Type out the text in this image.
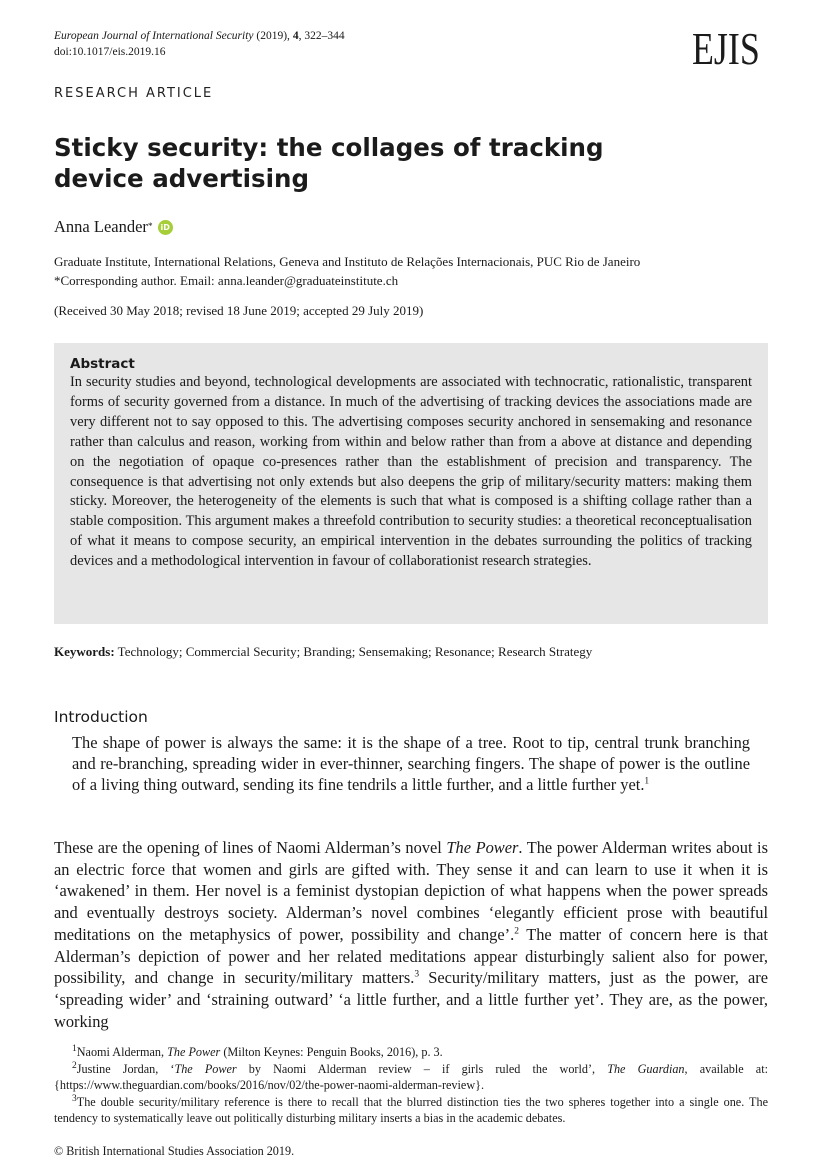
European Journal of International Security (2019), 4, 322–344
doi:10.1017/eis.2019.16	EJIS
RESEARCH ARTICLE
Sticky security: the collages of tracking device advertising
Anna Leander * iD
Graduate Institute, International Relations, Geneva and Instituto de Relações Internacionais, PUC Rio de Janeiro
*Corresponding author. Email: anna.leander@graduateinstitute.ch
(Received 30 May 2018; revised 18 June 2019; accepted 29 July 2019)

Abstract

In security studies and beyond, technological developments are associated with technocratic, rationalistic, transparent forms of security governed from a distance. In much of the advertising of tracking devices the associations made are very different not to say opposed to this. The advertising composes security anchored in sensemaking and resonance rather than calculus and reason, working from within and below rather than from a above at distance and depending on the negotiation of opaque co-presences rather than the establishment of precision and transparency. The consequence is that advertising not only extends but also deepens the grip of military/security matters: making them sticky. Moreover, the heterogeneity of the elements is such that what is composed is a shifting collage rather than a stable composition. This argument makes a threefold contribution to security studies: a theoretical reconceptualisation of what it means to compose security, an empirical intervention in the debates surrounding the politics of tracking devices and a methodological intervention in favour of collaborationist research strategies.

Keywords: Technology; Commercial Security; Branding; Sensemaking; Resonance; Research Strategy
Introduction

The shape of power is always the same: it is the shape of a tree. Root to tip, central trunk branching and re-branching, spreading wider in ever-thinner, searching fingers. The shape of power is the outline of a living thing outward, sending its fine tendrils a little further, and a little further yet.$^1$

These are the opening of lines of Naomi Alderman’s novel The Power. The power Alderman writes about is an electric force that women and girls are gifted with. They sense it and can learn to use it when it is ‘awakened’ in them. Her novel is a feminist dystopian depiction of what happens when the power spreads and eventually destroys society. Alderman’s novel combines ‘elegantly efficient prose with beautiful meditations on the metaphysics of power, possibility and change’.$^2$ The matter of concern here is that Alderman’s depiction of power and her related meditations appear disturbingly salient also for power, possibility, and change in security/military matters.$^3$ Security/military matters, just as the power, are ‘spreading wider’ and ‘straining outward’ ‘a little further, and a little further yet’. They are, as the power, working

$^1$Naomi Alderman, The Power (Milton Keynes: Penguin Books, 2016), p. 3.

$^2$Justine Jordan, ‘The Power by Naomi Alderman review – if girls ruled the world’, The Guardian, available at: {https://www.theguardian.com/books/2016/nov/02/the-power-naomi-alderman-review}.

$^3$The double security/military reference is there to recall that the blurred distinction ties the two spheres together into a single one. The tendency to systematically leave out politically disturbing military inserts a bias in the academic debates.

© British International Studies Association 2019.
